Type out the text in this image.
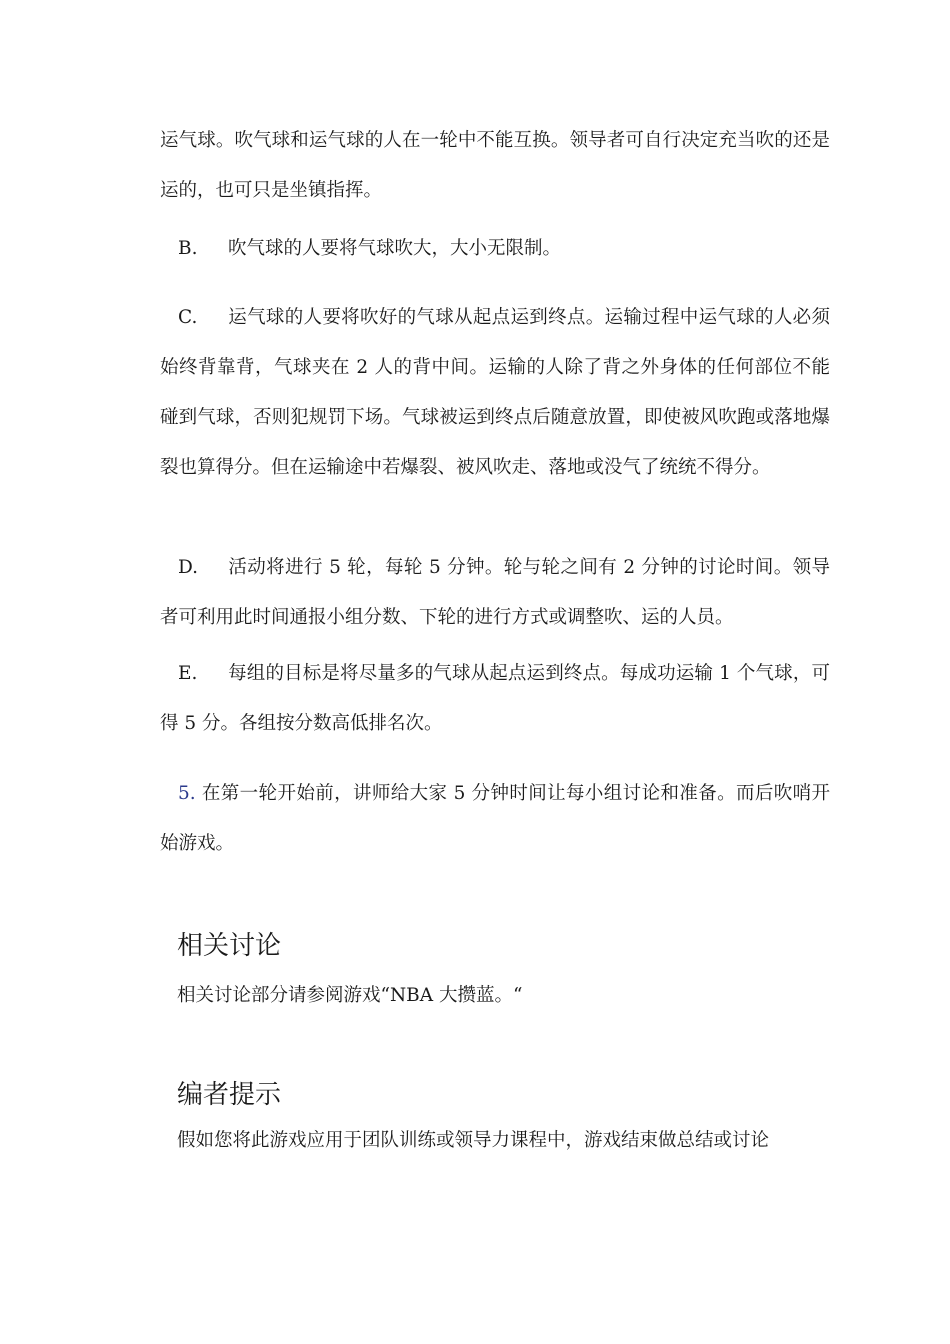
运气球。吹气球和运气球的人在一轮中不能互换。领导者可自行决定充当吹的还是运的，也可只是坐镇指挥。

B. 吹气球的人要将气球吹大，大小无限制。

C. 运气球的人要将吹好的气球从起点运到终点。运输过程中运气球的人必须始终背靠背，气球夹在 2 人的背中间。运输的人除了背之外身体的任何部位不能碰到气球，否则犯规罚下场。气球被运到终点后随意放置，即使被风吹跑或落地爆裂也算得分。但在运输途中若爆裂、被风吹走、落地或没气了统统不得分。

D. 活动将进行 5 轮，每轮 5 分钟。轮与轮之间有 2 分钟的讨论时间。领导者可利用此时间通报小组分数、下轮的进行方式或调整吹、运的人员。

E. 每组的目标是将尽量多的气球从起点运到终点。每成功运输 1 个气球，可得 5 分。各组按分数高低排名次。

5. 在第一轮开始前，讲师给大家 5 分钟时间让每小组讨论和准备。而后吹哨开始游戏。

相关讨论

相关讨论部分请参阅游戏“NBA 大攒蓝。“

编者提示

假如您将此游戏应用于团队训练或领导力课程中，游戏结束做总结或讨论
